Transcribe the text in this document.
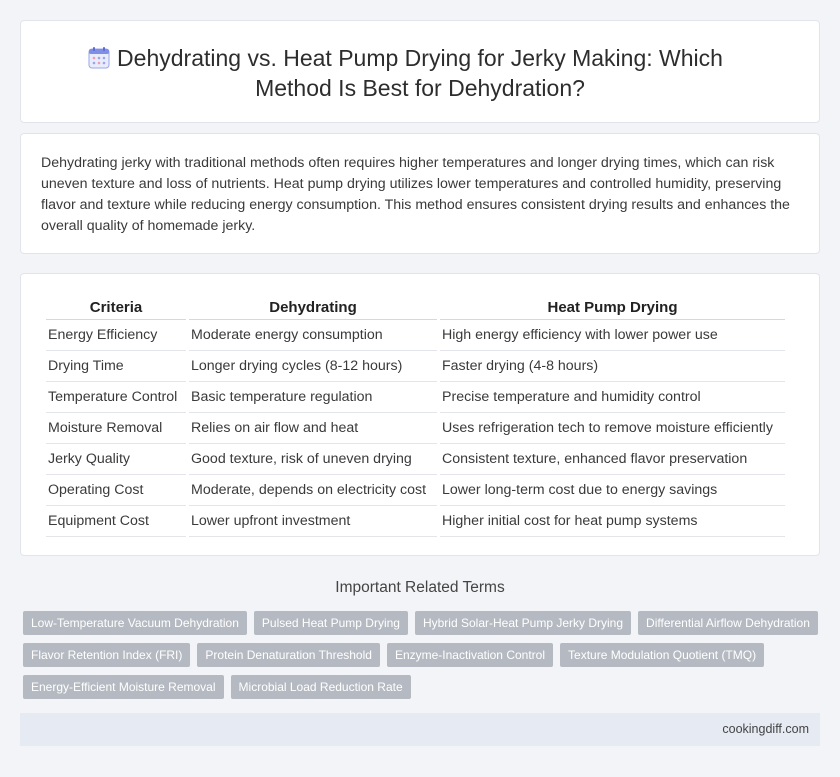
Dehydrating vs. Heat Pump Drying for Jerky Making: Which Method Is Best for Dehydration?

Dehydrating jerky with traditional methods often requires higher temperatures and longer drying times, which can risk uneven texture and loss of nutrients. Heat pump drying utilizes lower temperatures and controlled humidity, preserving flavor and texture while reducing energy consumption. This method ensures consistent drying results and enhances the overall quality of homemade jerky.

Criteria	Dehydrating	Heat Pump Drying
Energy Efficiency	Moderate energy consumption	High energy efficiency with lower power use
Drying Time	Longer drying cycles (8-12 hours)	Faster drying (4-8 hours)
Temperature Control	Basic temperature regulation	Precise temperature and humidity control
Moisture Removal	Relies on air flow and heat	Uses refrigeration tech to remove moisture efficiently
Jerky Quality	Good texture, risk of uneven drying	Consistent texture, enhanced flavor preservation
Operating Cost	Moderate, depends on electricity cost	Lower long-term cost due to energy savings
Equipment Cost	Lower upfront investment	Higher initial cost for heat pump systems
Important Related Terms
Low-Temperature Vacuum Dehydration	Pulsed Heat Pump Drying	Hybrid Solar-Heat Pump Jerky Drying	Differential Airflow Dehydration
Flavor Retention Index (FRI)	Protein Denaturation Threshold	Enzyme-Inactivation Control	Texture Modulation Quotient (TMQ)
Energy-Efficient Moisture Removal	Microbial Load Reduction Rate
cookingdiff.com
